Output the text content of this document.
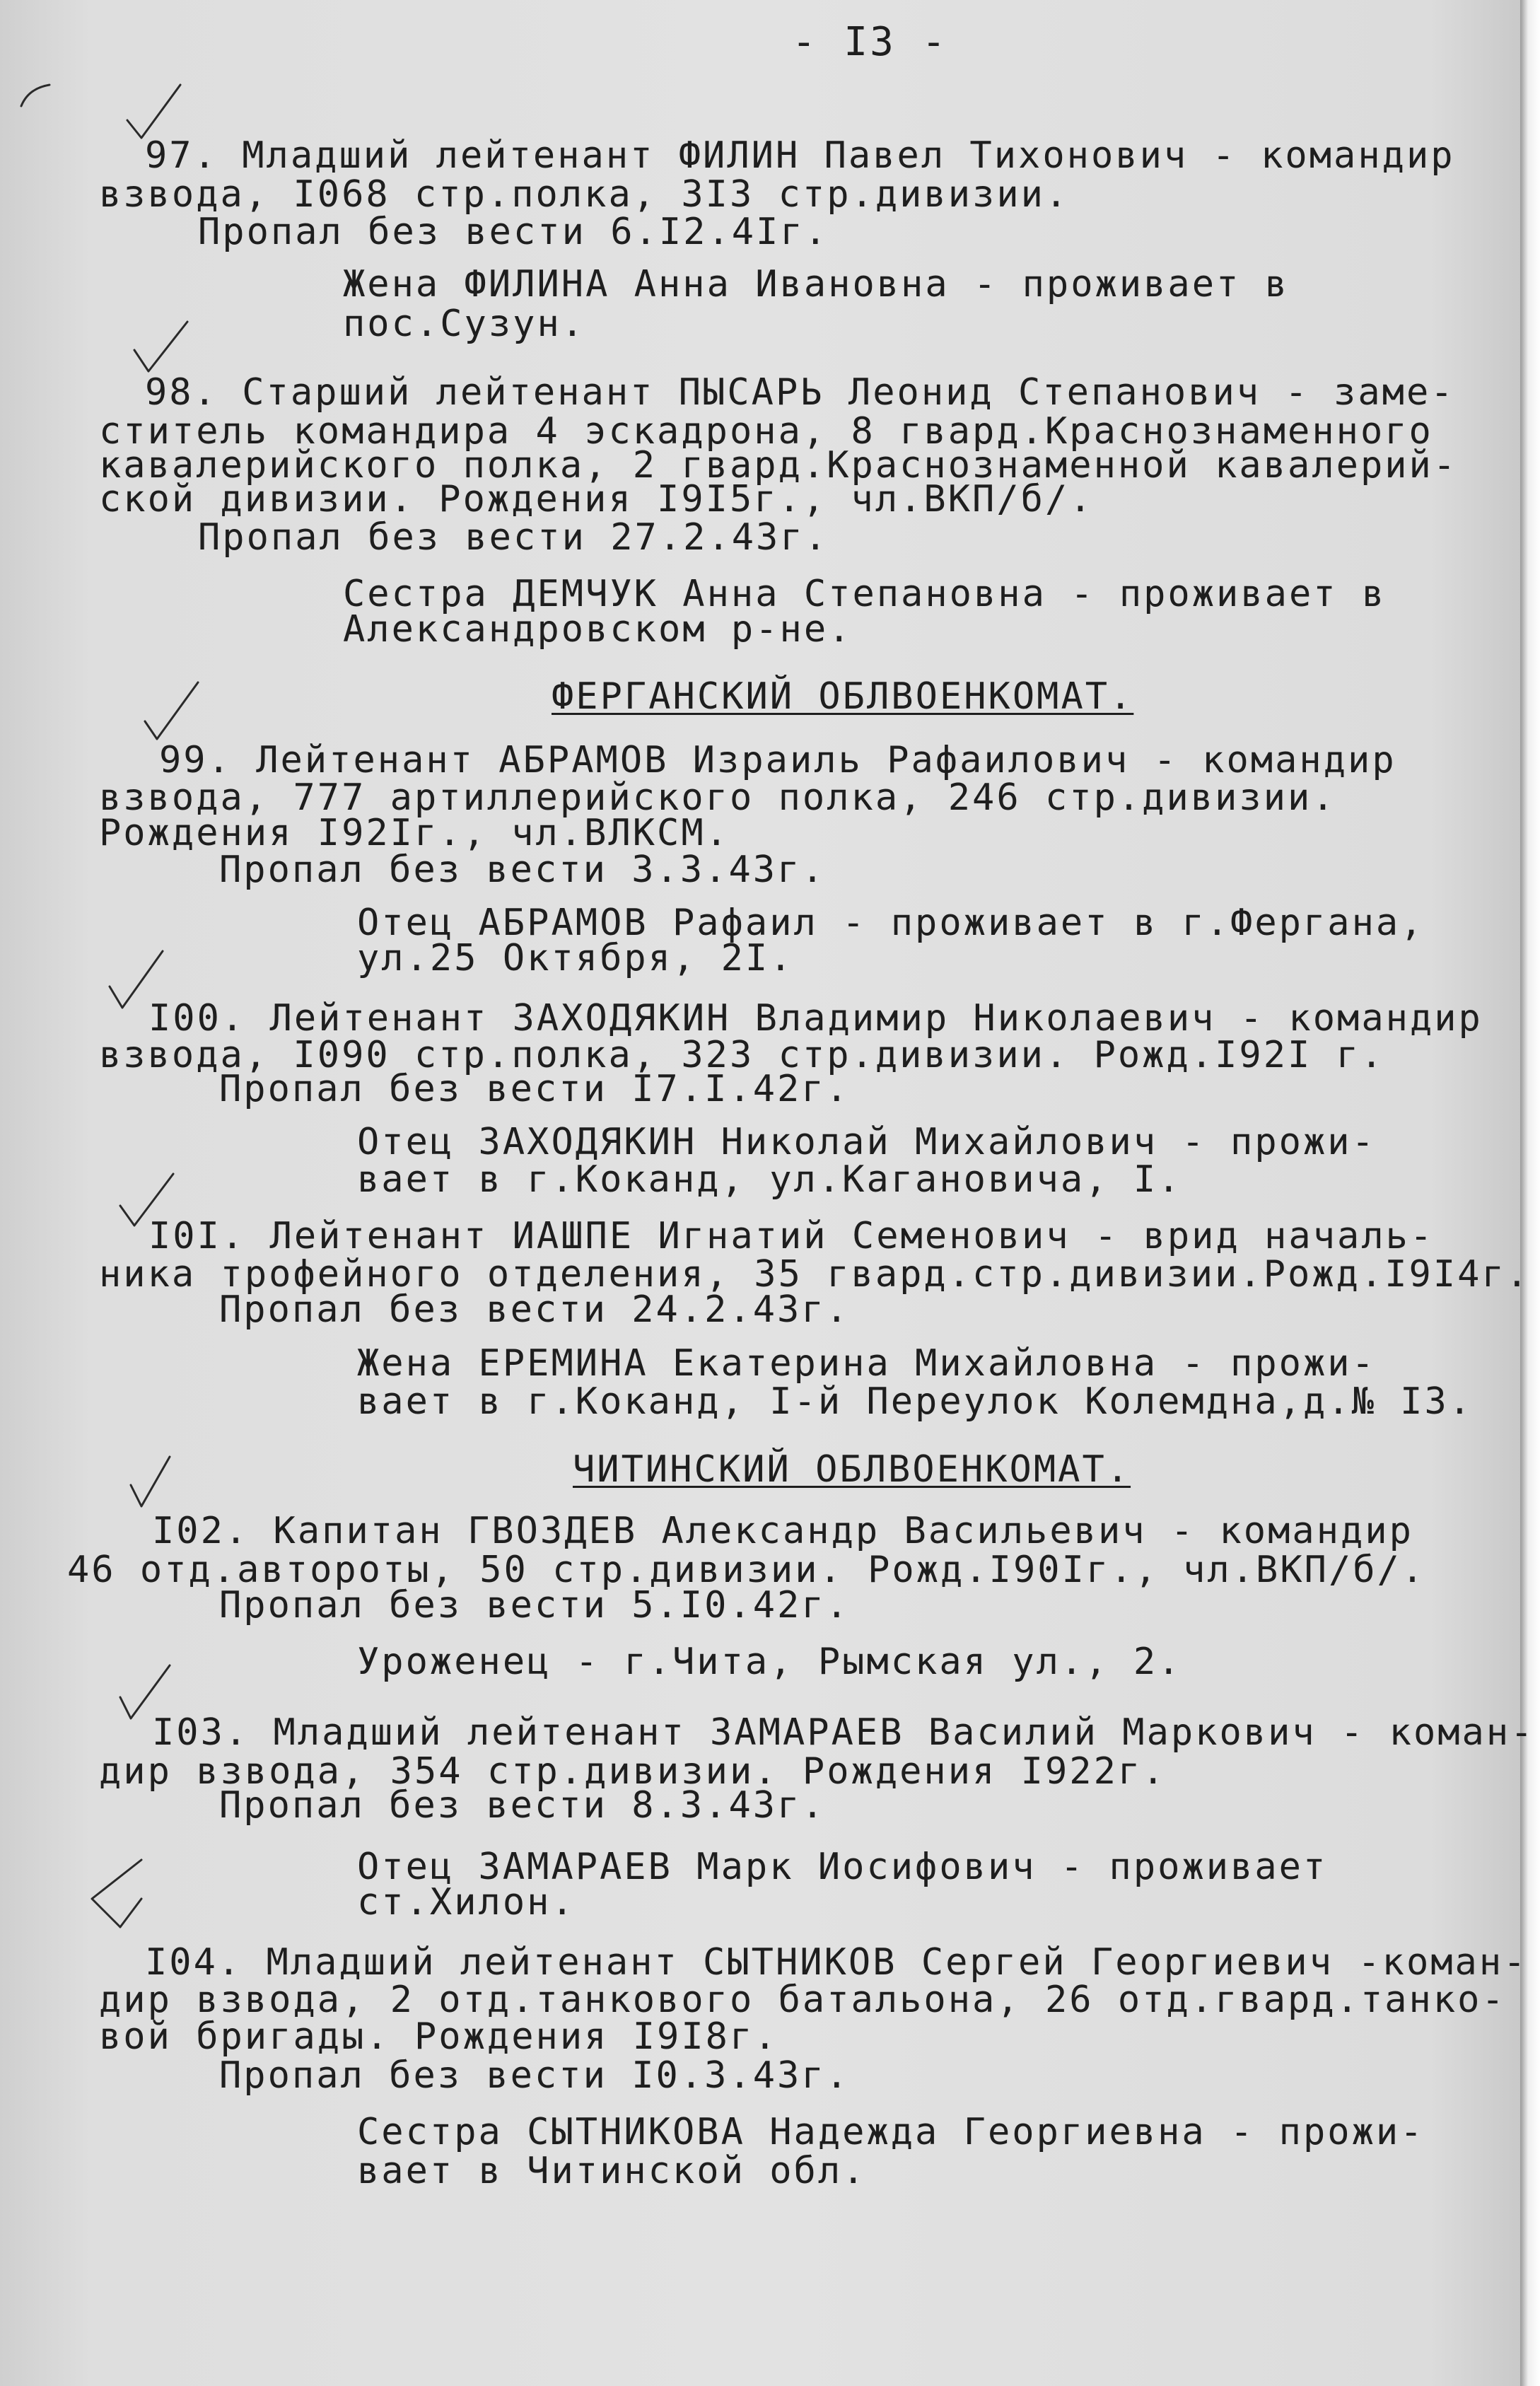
- I3 -
97. Младший лейтенант ФИЛИН Павел Тихонович - командир
взвода, I068 стр.полка, 3I3 стр.дивизии.
Пропал без вести 6.I2.4Iг.
Жена ФИЛИНА Анна Ивановна - проживает в
пос.Сузун.
98. Старший лейтенант ПЫСАРЬ Леонид Степанович - заме-
ститель командира 4 эскадрона, 8 гвард.Краснознаменного
кавалерийского полка, 2 гвард.Краснознаменной кавалерий-
ской дивизии. Рождения I9I5г., чл.ВКП/б/.
Пропал без вести 27.2.43г.
Сестра ДЕМЧУК Анна Степановна - проживает в
Александровском р-не.
ФЕРГАНСКИЙ ОБЛВОЕНКОМАТ.
99. Лейтенант АБРАМОВ Израиль Рафаилович - командир
взвода, 777 артиллерийского полка, 246 стр.дивизии.
Рождения I92Iг., чл.ВЛКСМ.
Пропал без вести 3.3.43г.
Отец АБРАМОВ Рафаил - проживает в г.Фергана,
ул.25 Октября, 2I.
I00. Лейтенант ЗАХОДЯКИН Владимир Николаевич - командир
взвода, I090 стр.полка, 323 стр.дивизии. Рожд.I92I г.
Пропал без вести I7.I.42г.
Отец ЗАХОДЯКИН Николай Михайлович - прожи-
вает в г.Коканд, ул.Кагановича, I.
I0I. Лейтенант ИАШПЕ Игнатий Семенович - врид началь-
ника трофейного отделения, 35 гвард.стр.дивизии.Рожд.I9I4г.
Пропал без вести 24.2.43г.
Жена ЕРЕМИНА Екатерина Михайловна - прожи-
вает в г.Коканд, I-й Переулок Колемдна,д.№ I3.
ЧИТИНСКИЙ ОБЛВОЕНКОМАТ.
I02. Капитан ГВОЗДЕВ Александр Васильевич - командир
46 отд.автороты, 50 стр.дивизии. Рожд.I90Iг., чл.ВКП/б/.
Пропал без вести 5.I0.42г.
Уроженец - г.Чита, Рымская ул., 2.
I03. Младший лейтенант ЗАМАРАЕВ Василий Маркович - коман-
дир взвода, 354 стр.дивизии. Рождения I922г.
Пропал без вести 8.3.43г.
Отец ЗАМАРАЕВ Марк Иосифович - проживает
ст.Хилон.
I04. Младший лейтенант СЫТНИКОВ Сергей Георгиевич -коман-
дир взвода, 2 отд.танкового батальона, 26 отд.гвард.танко-
вой бригады. Рождения I9I8г.
Пропал без вести I0.3.43г.
Сестра СЫТНИКОВА Надежда Георгиевна - прожи-
вает в Читинской обл.
